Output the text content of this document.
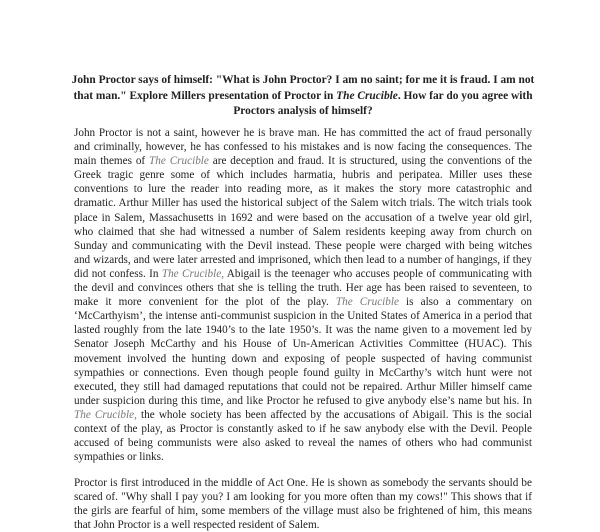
John Proctor says of himself: "What is John Proctor? I am no saint; for me it is fraud. I am not that man." Explore Millers presentation of Proctor in The Crucible. How far do you agree with Proctors analysis of himself?
John Proctor is not a saint, however he is brave man. He has committed the act of fraud personally and criminally, however, he has confessed to his mistakes and is now facing the consequences. The main themes of The Crucible are deception and fraud. It is structured, using the conventions of the Greek tragic genre some of which includes harmatia, hubris and peripatea. Miller uses these conventions to lure the reader into reading more, as it makes the story more catastrophic and dramatic. Arthur Miller has used the historical subject of the Salem witch trials. The witch trials took place in Salem, Massachusetts in 1692 and were based on the accusation of a twelve year old girl, who claimed that she had witnessed a number of Salem residents keeping away from church on Sunday and communicating with the Devil instead. These people were charged with being witches and wizards, and were later arrested and imprisoned, which then lead to a number of hangings, if they did not confess. In The Crucible, Abigail is the teenager who accuses people of communicating with the devil and convinces others that she is telling the truth. Her age has been raised to seventeen, to make it more convenient for the plot of the play. The Crucible is also a commentary on ‘McCarthyism’, the intense anti-communist suspicion in the United States of America in a period that lasted roughly from the late 1940’s to the late 1950’s. It was the name given to a movement led by Senator Joseph McCarthy and his House of Un-American Activities Committee (HUAC). This movement involved the hunting down and exposing of people suspected of having communist sympathies or connections. Even though people found guilty in McCarthy’s witch hunt were not executed, they still had damaged reputations that could not be repaired. Arthur Miller himself came under suspicion during this time, and like Proctor he refused to give anybody else’s name but his. In The Crucible, the whole society has been affected by the accusations of Abigail. This is the social context of the play, as Proctor is constantly asked to if he saw anybody else with the Devil. People accused of being communists were also asked to reveal the names of others who had communist sympathies or links.
Proctor is first introduced in the middle of Act One. He is shown as somebody the servants should be scared of. "Why shall I pay you? I am looking for you more often than my cows!" This shows that if the girls are fearful of him, some members of the village must also be frightened of him, this means that John Proctor is a well respected resident of Salem.
